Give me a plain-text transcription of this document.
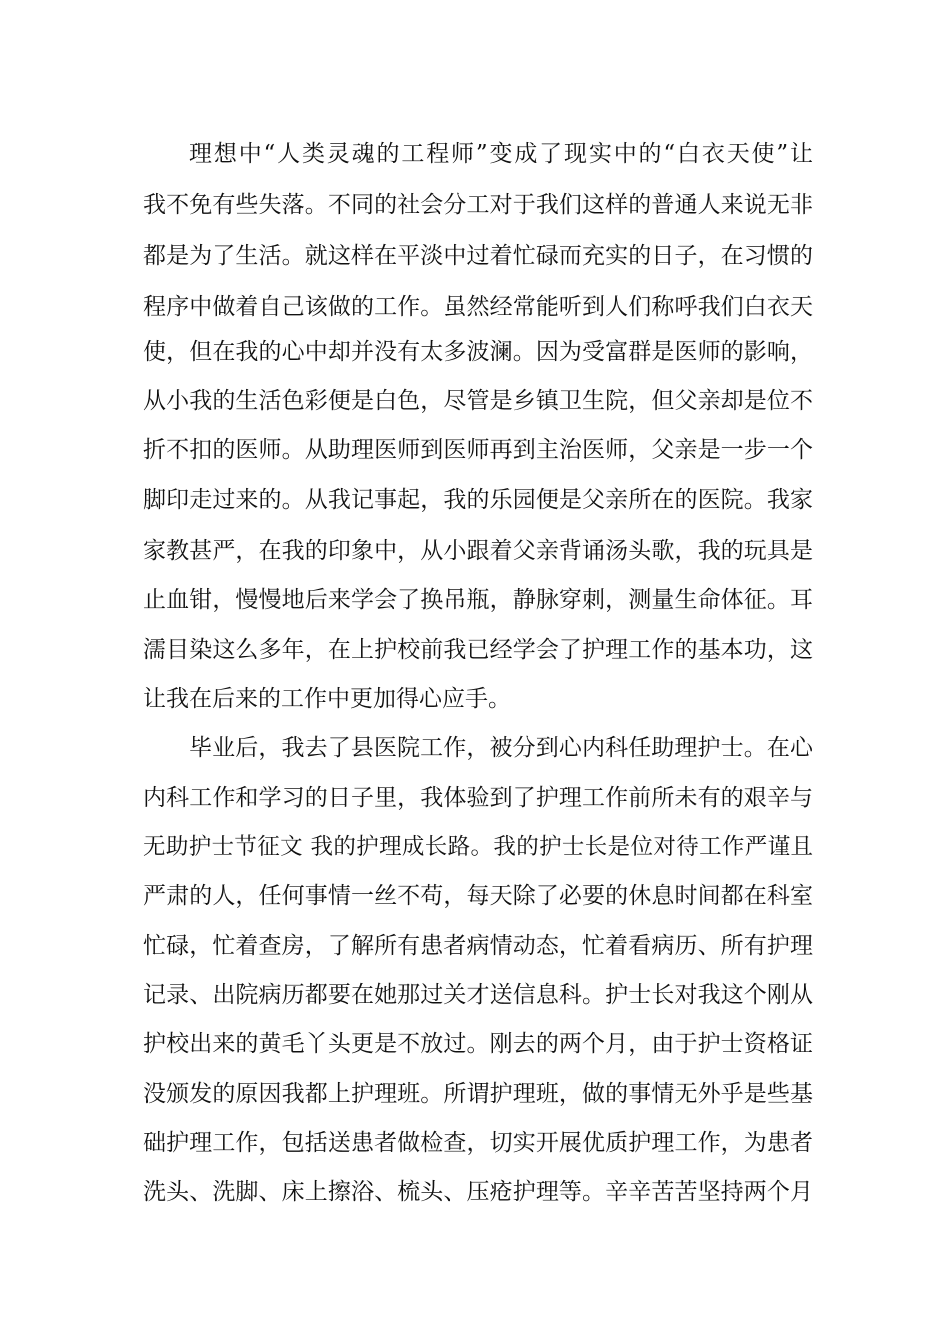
理想中“人类灵魂的工程师”变成了现实中的“白衣天使”让
我不免有些失落。不同的社会分工对于我们这样的普通人来说无非
都是为了生活。就这样在平淡中过着忙碌而充实的日子，在习惯的
程序中做着自己该做的工作。虽然经常能听到人们称呼我们白衣天
使，但在我的心中却并没有太多波澜。因为受富群是医师的影响，
从小我的生活色彩便是白色，尽管是乡镇卫生院，但父亲却是位不
折不扣的医师。从助理医师到医师再到主治医师，父亲是一步一个
脚印走过来的。从我记事起，我的乐园便是父亲所在的医院。我家
家教甚严，在我的印象中，从小跟着父亲背诵汤头歌，我的玩具是
止血钳，慢慢地后来学会了换吊瓶，静脉穿刺，测量生命体征。耳
濡目染这么多年，在上护校前我已经学会了护理工作的基本功，这
让我在后来的工作中更加得心应手。
毕业后，我去了县医院工作，被分到心内科任助理护士。在心
内科工作和学习的日子里，我体验到了护理工作前所未有的艰辛与
无助护士节征文 我的护理成长路。我的护士长是位对待工作严谨且
严肃的人，任何事情一丝不苟，每天除了必要的休息时间都在科室
忙碌，忙着查房，了解所有患者病情动态，忙着看病历、所有护理
记录、出院病历都要在她那过关才送信息科。护士长对我这个刚从
护校出来的黄毛丫头更是不放过。刚去的两个月，由于护士资格证
没颁发的原因我都上护理班。所谓护理班，做的事情无外乎是些基
础护理工作，包括送患者做检查，切实开展优质护理工作，为患者
洗头、洗脚、床上擦浴、梳头、压疮护理等。辛辛苦苦坚持两个月
